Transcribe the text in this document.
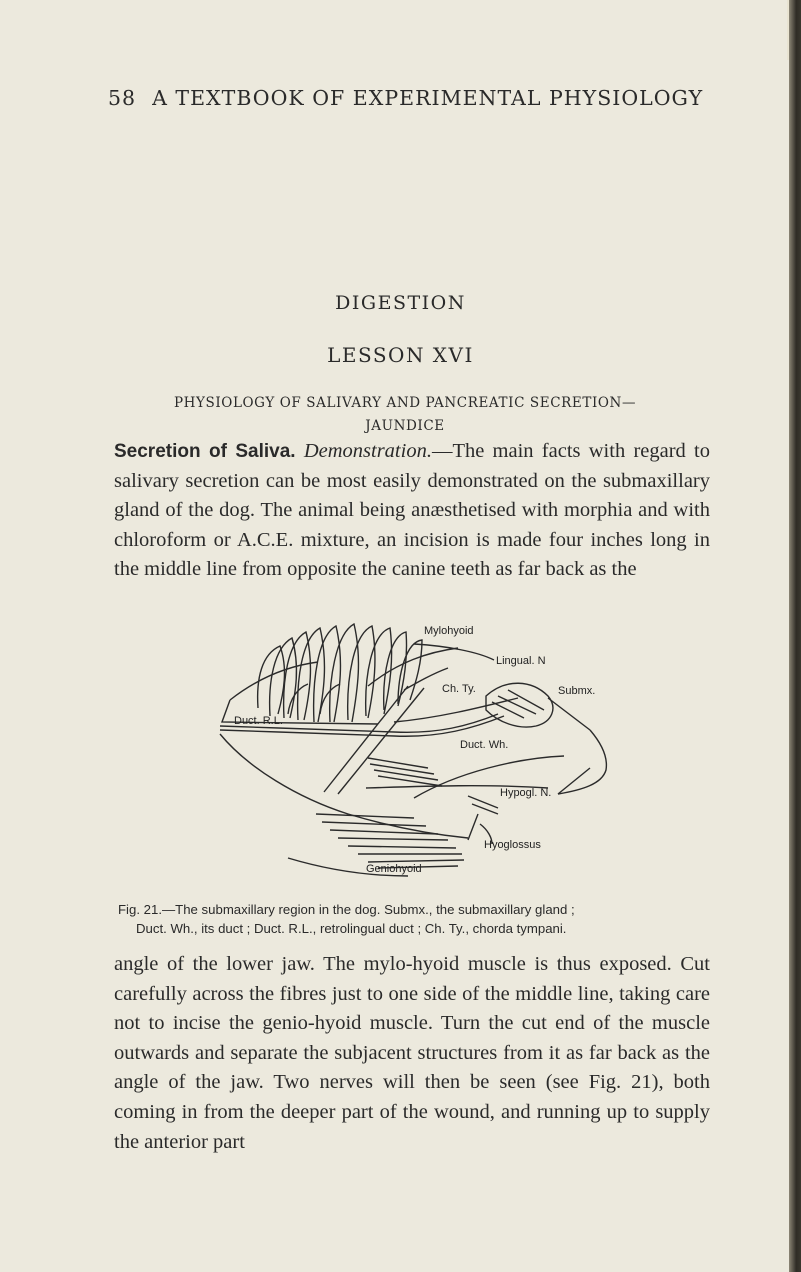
58 A TEXTBOOK OF EXPERIMENTAL PHYSIOLOGY
DIGESTION
LESSON XVI
PHYSIOLOGY OF SALIVARY AND PANCREATIC SECRETION—
JAUNDICE
Secretion of Saliva. Demonstration.—The main facts with regard to salivary secretion can be most easily demonstrated on the submaxillary gland of the dog. The animal being anæsthetised with morphia and with chloroform or A.C.E. mixture, an incision is made four inches long in the middle line from opposite the canine teeth as far back as the
Mylohyoid
Lingual. N
Ch. Ty.	Submx.
Duct. R.L.
Duct. Wh.
Hypogl. N.
Hyoglossus
Geniohyoid
Fig. 21.—The submaxillary region in the dog. Submx., the submaxillary gland ;
Duct. Wh., its duct ; Duct. R.L., retrolingual duct ; Ch. Ty., chorda tympani.
angle of the lower jaw. The mylo-hyoid muscle is thus exposed. Cut carefully across the fibres just to one side of the middle line, taking care not to incise the genio-hyoid muscle. Turn the cut end of the muscle outwards and separate the subjacent structures from it as far back as the angle of the jaw. Two nerves will then be seen (see Fig. 21), both coming in from the deeper part of the wound, and running up to supply the anterior part
